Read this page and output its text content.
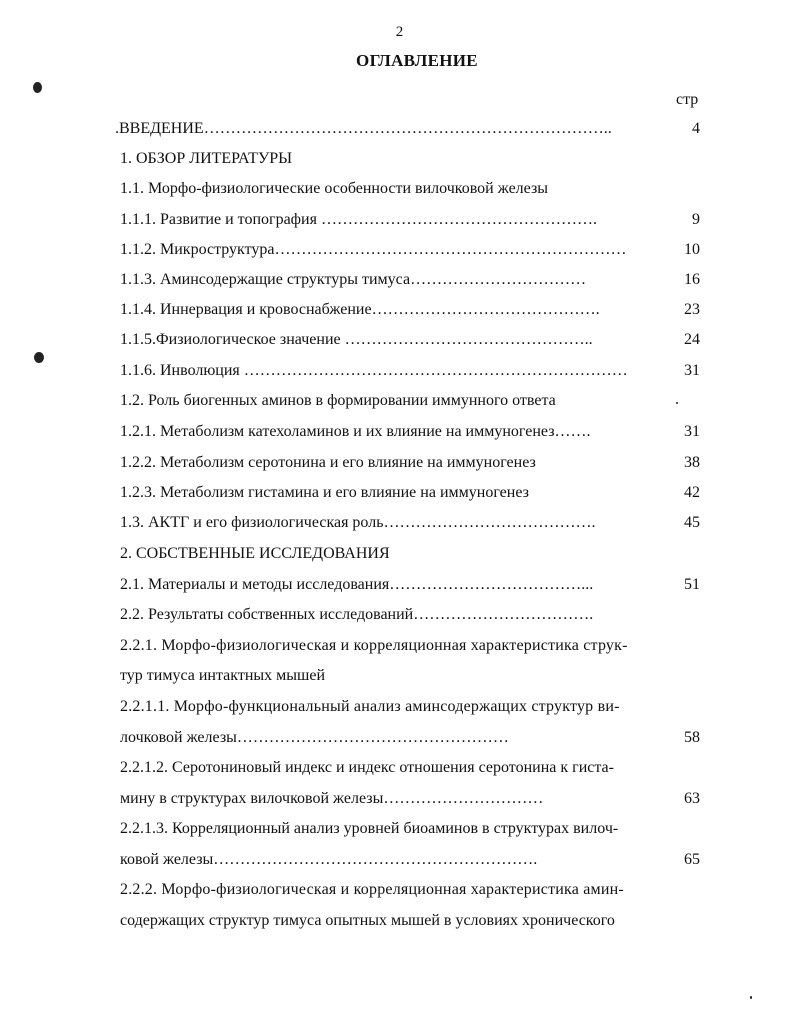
2
ОГЛАВЛЕНИЕ
стр
.ВВЕДЕНИЕ…………………………………………………………………..	4
1. ОБЗОР ЛИТЕРАТУРЫ
1.1. Морфо-физиологические особенности вилочковой железы
1.1.1. Развитие и топография …………………………………………….	9
1.1.2. Микроструктура…………………………………………………………	10
1.1.3. Аминсодержащие структуры тимуса……………………………	16
1.1.4. Иннервация и кровоснабжение…………………………………….	23
1.1.5.Физиологическое значение ………………………………………..	24
1.1.6. Инволюция ………………………………………………………………	31
1.2. Роль биогенных аминов в формировании иммунного ответа
1.2.1. Метаболизм катехоламинов и их влияние на иммуногенез…….	31
1.2.2. Метаболизм серотонина и его влияние на иммуногенез	38
1.2.3. Метаболизм гистамина и его влияние на иммуногенез	42
1.3. АКТГ и его физиологическая роль………………………………….	45
2. СОБСТВЕННЫЕ ИССЛЕДОВАНИЯ
2.1. Материалы и методы исследования………………………………...	51
2.2. Результаты собственных исследований…………………………….
2.2.1. Морфо-физиологическая и корреляционная характеристика струк-
тур тимуса интактных мышей
2.2.1.1. Морфо-функциональный анализ аминсодержащих структур ви-
лочковой железы……………………………………………	58
2.2.1.2. Серотониновый индекс и индекс отношения серотонина к гиста-
мину в структурах вилочковой железы…………………………	63
2.2.1.3. Корреляционный анализ уровней биоаминов в структурах вилоч-
ковой железы…………………………………………………….	65
2.2.2. Морфо-физиологическая и корреляционная характеристика амин-
содержащих структур тимуса опытных мышей в условиях хронического
